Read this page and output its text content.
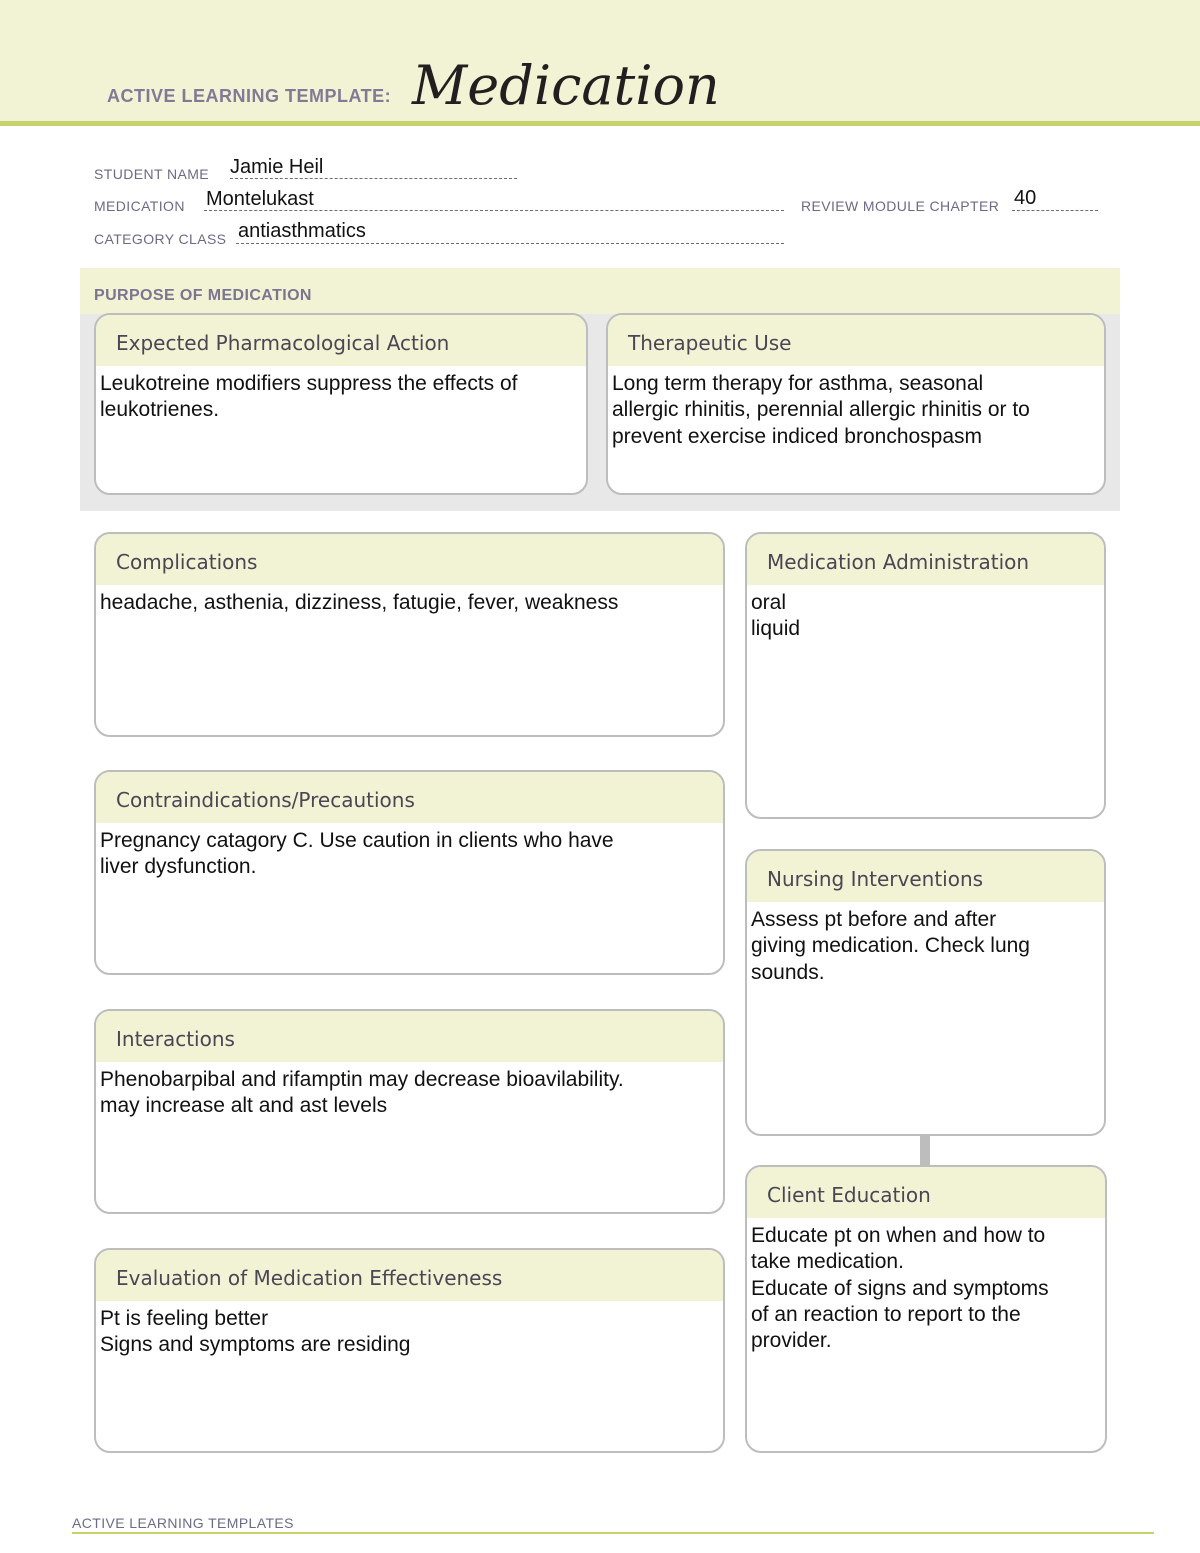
ACTIVE LEARNING TEMPLATE: Medication
STUDENT NAME Jamie Heil
MEDICATION Montelukast	REVIEW MODULE CHAPTER 40
CATEGORY CLASS antiasthmatics
PURPOSE OF MEDICATION
Expected Pharmacological Action
Leukotreine modifiers suppress the effects of
leukotrienes.
Therapeutic Use
Long term therapy for asthma, seasonal
allergic rhinitis, perennial allergic rhinitis or to
prevent exercise indiced bronchospasm
Complications
headache, asthenia, dizziness, fatugie, fever, weakness
Contraindications/Precautions
Pregnancy catagory C. Use caution in clients who have
liver dysfunction.
Interactions
Phenobarpibal and rifamptin may decrease bioavilability.
may increase alt and ast levels
Evaluation of Medication Effectiveness
Pt is feeling better
Signs and symptoms are residing
Medication Administration
oral
liquid
Nursing Interventions
Assess pt before and after
giving medication. Check lung
sounds.
Client Education
Educate pt on when and how to
take medication.
Educate of signs and symptoms
of an reaction to report to the
provider.
ACTIVE LEARNING TEMPLATES
